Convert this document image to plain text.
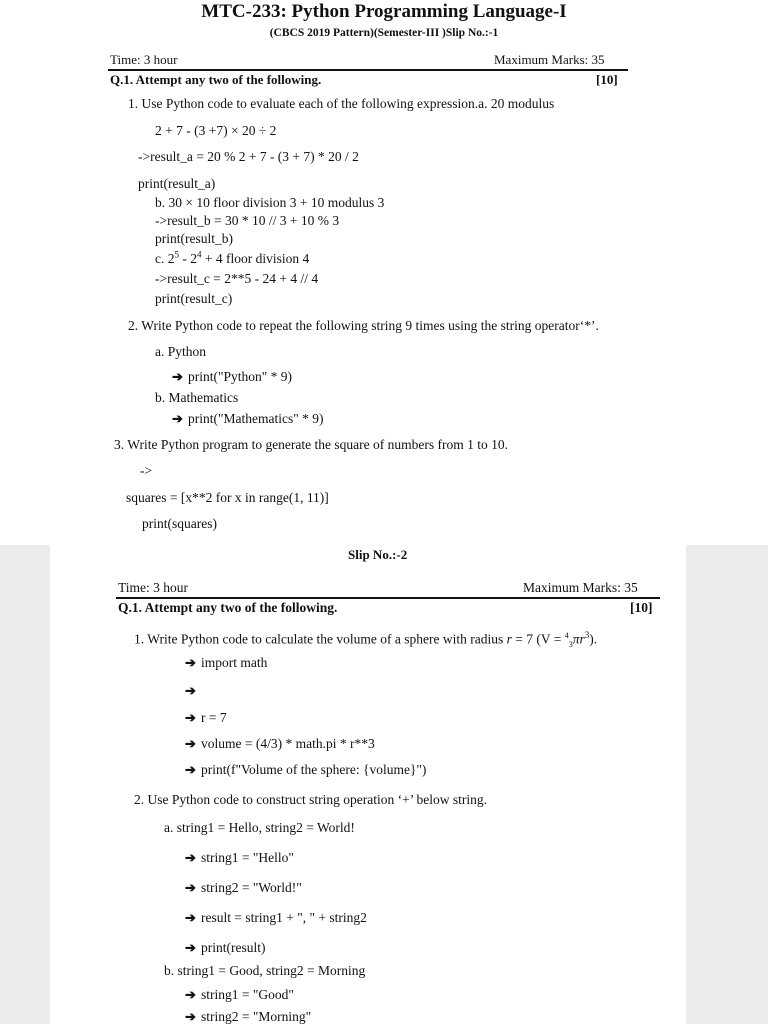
MTC-233: Python Programming Language-I
(CBCS 2019 Pattern)(Semester-III )Slip No.:-1
Time: 3 hour	Maximum Marks: 35
Q.1. Attempt any two of the following.	[10]
1. Use Python code to evaluate each of the following expression.a. 20 modulus
2 + 7 - (3 +7) × 20 ÷ 2
->result_a = 20 % 2 + 7 - (3 + 7) * 20 / 2
print(result_a)
b. 30 × 10 floor division 3 + 10 modulus 3
->result_b = 30 * 10 // 3 + 10 % 3
print(result_b)
c. $2^5 - 2^4 + 4$ floor division 4
->result_c = 2**5 - 24 + 4 // 4
print(result_c)
2. Write Python code to repeat the following string 9 times using the string operator‘*’.
a. Python
➔ print("Python" * 9)
b. Mathematics
➔ print("Mathematics" * 9)
3. Write Python program to generate the square of numbers from 1 to 10.
->
squares = [x**2 for x in range(1, 11)]
print(squares)
Slip No.:-2
Time: 3 hour	Maximum Marks: 35
Q.1. Attempt any two of the following.	[10]
1. Write Python code to calculate the volume of a sphere with radius r = 7 $(V = ^4_3\pi r^3)$.
➔ import math
➔
➔ r = 7
➔ volume = (4/3) * math.pi * r**3
➔ print(f"Volume of the sphere: {volume}")
2. Use Python code to construct string operation ‘+’ below string.
a. string1 = Hello, string2 = World!
➔ string1 = "Hello"
➔ string2 = "World!"
➔ result = string1 + ", " + string2
➔ print(result)
b. string1 = Good, string2 = Morning
➔ string1 = "Good"
➔ string2 = "Morning"
